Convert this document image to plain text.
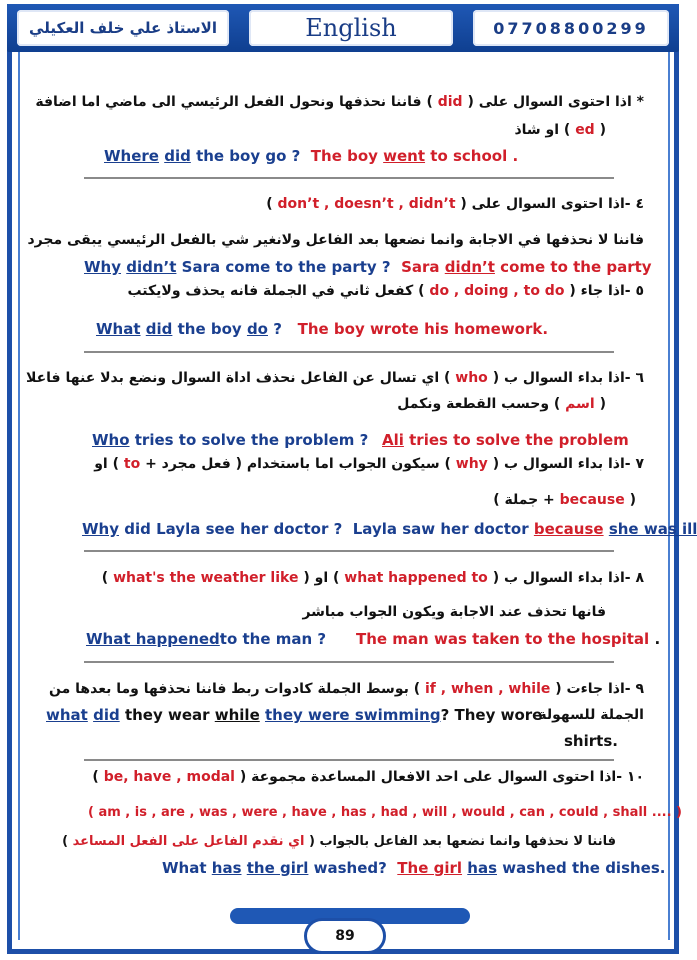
الاستاذ علي خلف العكيلي	English	07708800299
* اذا احتوى السوال على ( did ) فاننا نحذفها ونحول الفعل الرئيسي الى ماضي اما اضافة
( ed ) او شاذ
Where did the boy go ? The boy went to school .
٤ -اذا احتوى السوال على ( don’t , doesn’t , didn’t )
فاننا لا نحذفها في الاجابة وانما نضعها بعد الفاعل ولانغير شي بالفعل الرئيسي يبقى مجرد
Why didn’t Sara come to the party ? Sara didn’t come to the party
٥ -اذا جاء ( do , doing , to do ) كفعل ثاني في الجملة فانه يحذف ولايكتب
What did the boy do ? The boy wrote his homework.
٦ -اذا بداء السوال ب ( who ) اي تسال عن الفاعل نحذف اداة السوال ونضع بدلا عنها فاعلا
( اسم ) وحسب القطعة ونكمل
Who tries to solve the problem ? Ali tries to solve the problem
٧ -اذا بداء السوال ب ( why ) سيكون الجواب اما باستخدام ( فعل مجرد + to ) او
( because + جملة )
Why did Layla see her doctor ? Layla saw her doctor because she was ill
٨ -اذا بداء السوال ب ( what happened to ) او ( what's the weather like )
فانها تحذف عند الاجابة ويكون الجواب مباشر
What happenedto the man ? The man was taken to the hospital .
٩ -اذا جاءت ( if , when , while ) بوسط الجملة كادوات ربط فاننا نحذفها وما بعدها من
what did they wear while they were swimming? They wore
الجملة للسهولة
shirts.
١٠ -اذا احتوى السوال على احد الافعال المساعدة مجموعة ( be, have , modal )
( am , is , are , was , were , have , has , had , will , would , can , could , shall .... )
فاننا لا نحذفها وانما نضعها بعد الفاعل بالجواب ( اي نقدم الفاعل على الفعل المساعد )
What has the girl washed? The girl has washed the dishes.
89
